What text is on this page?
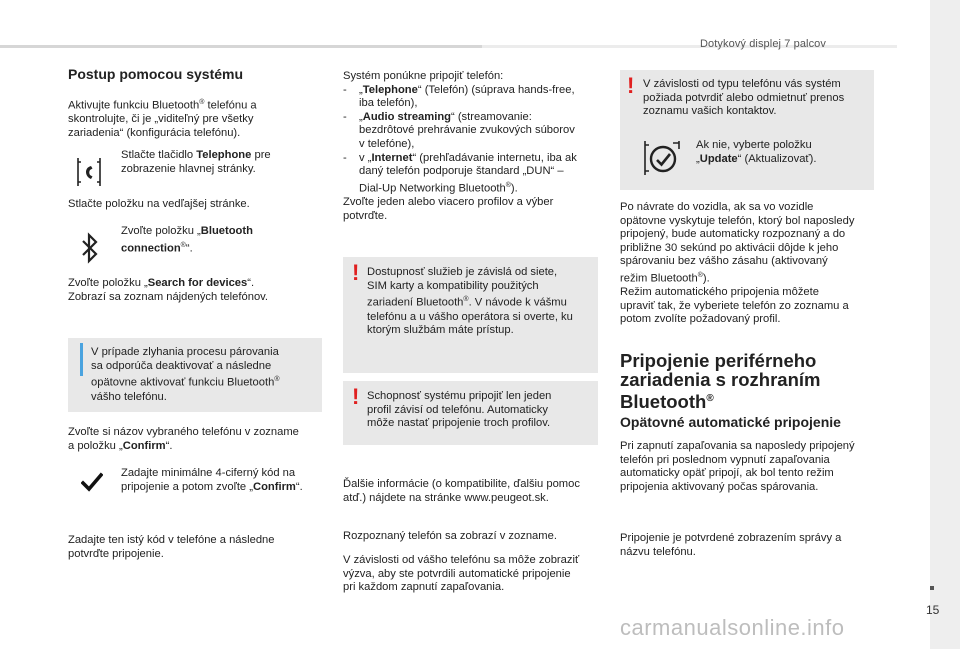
Dotykový displej 7 palcov
15
Postup pomocou systému
Aktivujte funkciu Bluetooth® telefónu a
skontrolujte, či je „viditeľný pre všetky
zariadenia“ (konfigurácia telefónu).
Stlačte tlačidlo Telephone pre
zobrazenie hlavnej stránky.
Stlačte položku na vedľajšej stránke.
Zvoľte položku „Bluetooth
connection®“.
Zvoľte položku „Search for devices“.
Zobrazí sa zoznam nájdených telefónov.
V prípade zlyhania procesu párovania
sa odporúča deaktivovať a následne
opätovne aktivovať funkciu Bluetooth®
vášho telefónu.
Zvoľte si názov vybraného telefónu v zozname
a položku „Confirm“.
Zadajte minimálne 4-ciferný kód na
pripojenie a potom zvoľte „Confirm“.
Zadajte ten istý kód v telefóne a následne
potvrďte pripojenie.
Systém ponúkne pripojiť telefón:
- „Telephone“ (Telefón) (súprava hands-free,
iba telefón),
- „Audio streaming“ (streamovanie:
bezdrôtové prehrávanie zvukových súborov
v telefóne),
- v „Internet“ (prehľadávanie internetu, iba ak
daný telefón podporuje štandard „DUN“ –
Dial-Up Networking Bluetooth®).
Zvoľte jeden alebo viacero profilov a výber
potvrďte.
! Dostupnosť služieb je závislá od siete,
SIM karty a kompatibility použitých
zariadení Bluetooth®. V návode k vášmu
telefónu a u vášho operátora si overte, ku
ktorým službám máte prístup.
! Schopnosť systému pripojiť len jeden
profil závisí od telefónu. Automaticky
môže nastať pripojenie troch profilov.
Ďalšie informácie (o kompatibilite, ďalšiu pomoc
atď.) nájdete na stránke www.peugeot.sk.
Rozpoznaný telefón sa zobrazí v zozname.
V závislosti od vášho telefónu sa môže zobraziť
výzva, aby ste potvrdili automatické pripojenie
pri každom zapnutí zapaľovania.
! V závislosti od typu telefónu vás systém
požiada potvrdiť alebo odmietnuť prenos
zoznamu vašich kontaktov.
Ak nie, vyberte položku
„Update“ (Aktualizovať).
Po návrate do vozidla, ak sa vo vozidle
opätovne vyskytuje telefón, ktorý bol naposledy
pripojený, bude automaticky rozpoznaný a do
približne 30 sekúnd po aktivácii dôjde k jeho
spárovaniu bez vášho zásahu (aktivovaný
režim Bluetooth®).
Režim automatického pripojenia môžete
upraviť tak, že vyberiete telefón zo zoznamu a
potom zvolíte požadovaný profil.
Pripojenie periférneho
zariadenia s rozhraním
Bluetooth®
Opätovné automatické pripojenie
Pri zapnutí zapaľovania sa naposledy pripojený
telefón pri poslednom vypnutí zapaľovania
automaticky opäť pripojí, ak bol tento režim
pripojenia aktivovaný počas spárovania.
Pripojenie je potvrdené zobrazením správy a
názvu telefónu.
carmanualsonline.info
